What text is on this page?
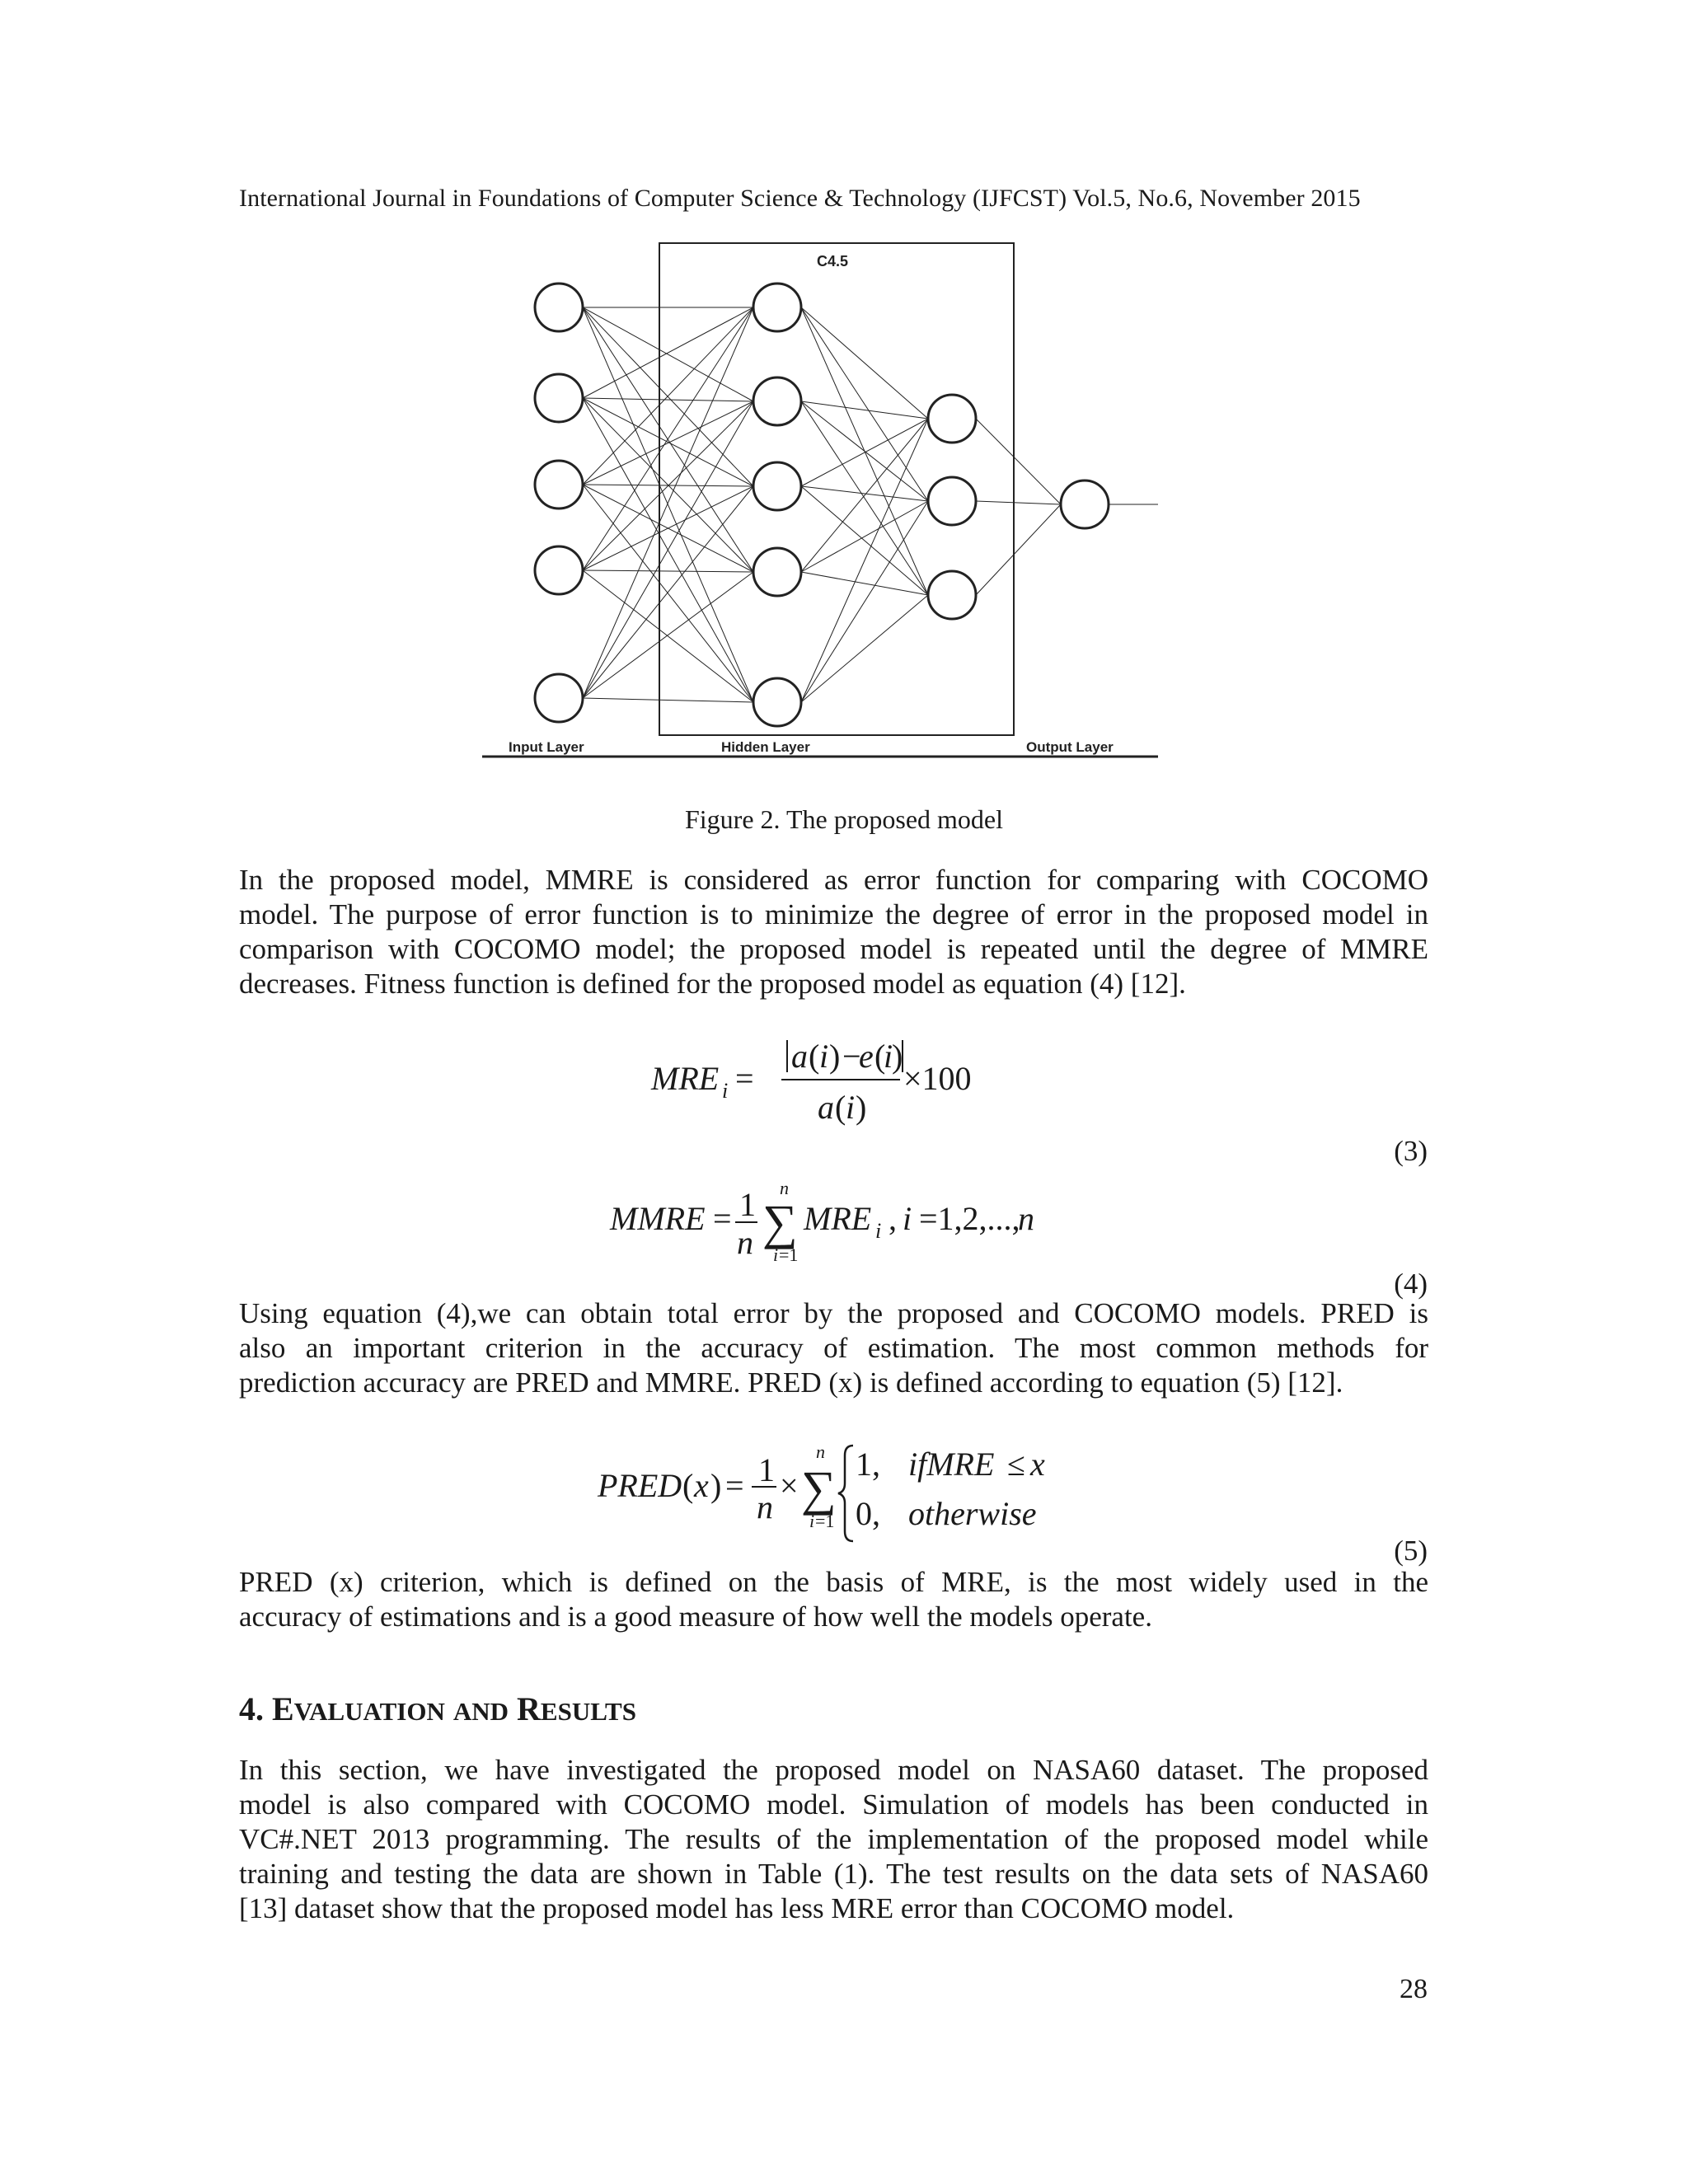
International Journal in Foundations of Computer Science & Technology (IJFCST) Vol.5, No.6, November 2015
C4.5
Input Layer	Hidden Layer	Output Layer
Figure 2. The proposed model
In the proposed model, MMRE is considered as error function for comparing with COCOMO
model. The purpose of error function is to minimize the degree of error in the proposed model in
comparison with COCOMO model; the proposed model is repeated until the degree of MMRE
decreases. Fitness function is defined for the proposed model as equation (4) [12].
MRE i =
a ( i ) −
e (
i
)
a ( i )
×100
(3)
MMRE = 1
n
n
∑
i =1
MRE i , i =1,2,...,
n
(4)
Using equation (4),we can obtain total error by the proposed and COCOMO models. PRED is
also an important criterion in the accuracy of estimation. The most common methods for
prediction accuracy are PRED and MMRE. PRED (x) is defined according to equation (5) [12].
PRED ( x ) = 1
n
×
n
∑
i =1
1, ifMRE ≤ x
0, otherwise
(5)
PRED (x) criterion, which is defined on the basis of MRE, is the most widely used in the
accuracy of estimations and is a good measure of how well the models operate.
4. EVALUATION AND RESULTS
In this section, we have investigated the proposed model on NASA60 dataset. The proposed
model is also compared with COCOMO model. Simulation of models has been conducted in
VC#.NET 2013 programming. The results of the implementation of the proposed model while
training and testing the data are shown in Table (1). The test results on the data sets of NASA60
[13] dataset show that the proposed model has less MRE error than COCOMO model.
28
